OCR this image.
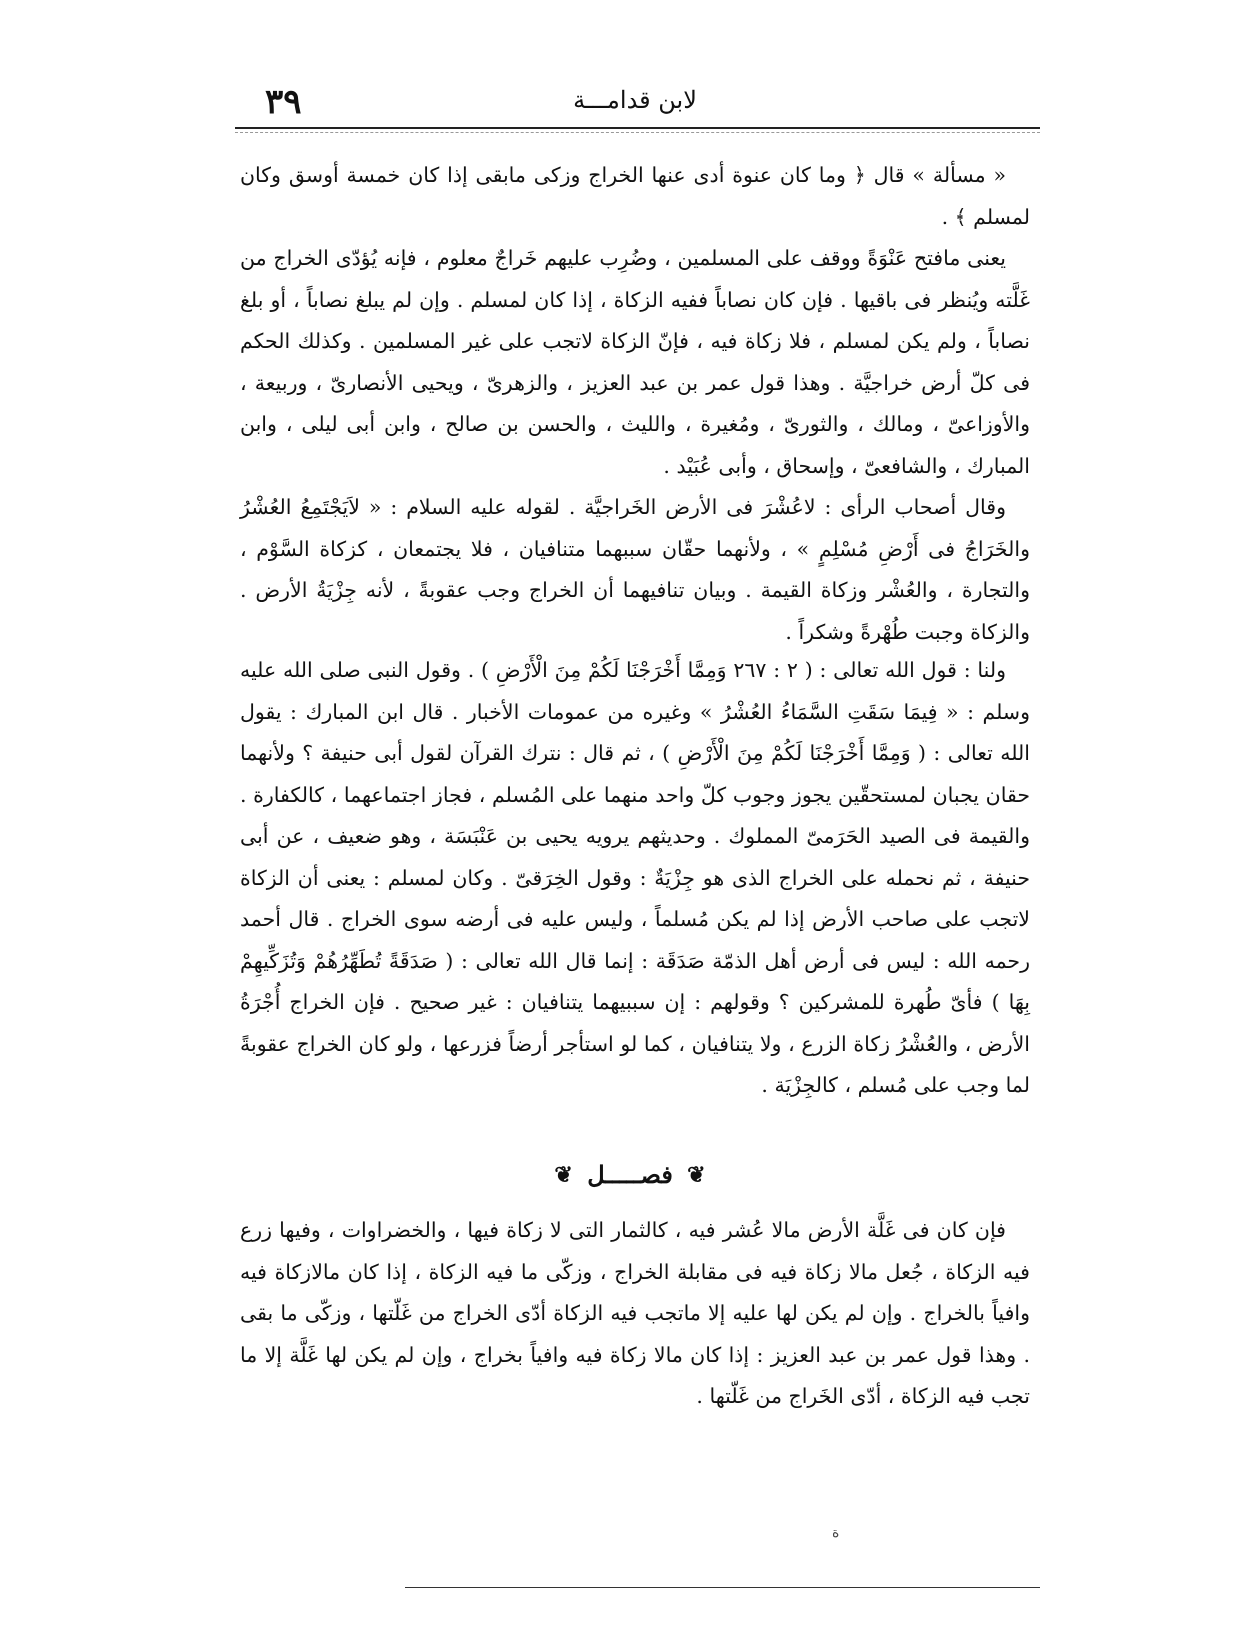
٣٩	لابن قدامـــة

« مسألة » قال ﴿ وما كان عنوة أدى عنها الخراج وزكى مابقى إذا كان خمسة أوسق وكان لمسلم ﴾ .

يعنى مافتح عَنْوَةً ووقف على المسلمين ، وضُرِب عليهم خَراجٌ معلوم ، فإنه يُؤدّى الخراج من غَلَّته ويُنظر فى باقيها . فإن كان نصاباً ففيه الزكاة ، إذا كان لمسلم . وإن لم يبلغ نصاباً ، أو بلغ نصاباً ، ولم يكن لمسلم ، فلا زكاة فيه ، فإنّ الزكاة لاتجب على غير المسلمين . وكذلك الحكم فى كلّ أرض خراجيَّة . وهذا قول عمر بن عبد العزيز ، والزهرىّ ، ويحيى الأنصارىّ ، وربيعة ، والأوزاعىّ ، ومالك ، والثورىّ ، ومُغيرة ، والليث ، والحسن بن صالح ، وابن أبى ليلى ، وابن المبارك ، والشافعىّ ، وإسحاق ، وأبى عُبَيْد .

وقال أصحاب الرأى : لاعُشْرَ فى الأرض الخَراجيَّة . لقوله عليه السلام : « لاَيَجْتَمِعُ العُشْرُ والخَرَاجُ فى أَرْضِ مُسْلِمٍ » ، ولأنهما حقّان سببهما متنافيان ، فلا يجتمعان ، كزكاة السَّوْم ، والتجارة ، والعُشْر وزكاة القيمة . وبيان تنافيهما أن الخراج وجب عقوبةً ، لأنه جِزْيَةُ الأرض . والزكاة وجبت طُهْرةً وشكراً .

ولنا : قول الله تعالى : ( ٢ : ٢٦٧ وَمِمَّا أَخْرَجْنَا لَكُمْ مِنَ الْأَرْضِ ) . وقول النبى صلى الله عليه وسلم : « فِيمَا سَقَتِ السَّمَاءُ العُشْرُ » وغيره من عمومات الأخبار . قال ابن المبارك : يقول الله تعالى : ( وَمِمَّا أَخْرَجْنَا لَكُمْ مِنَ الْأَرْضِ ) ، ثم قال : نترك القرآن لقول أبى حنيفة ؟ ولأنهما حقان يجبان لمستحقّين يجوز وجوب كلّ واحد منهما على المُسلم ، فجاز اجتماعهما ، كالكفارة . والقيمة فى الصيد الحَرَمىّ المملوك . وحديثهم يرويه يحيى بن عَنْبَسَة ، وهو ضعيف ، عن أبى حنيفة ، ثم نحمله على الخراج الذى هو جِزْيَةٌ : وقول الخِرَقىّ . وكان لمسلم : يعنى أن الزكاة لاتجب على صاحب الأرض إذا لم يكن مُسلماً ، وليس عليه فى أرضه سوى الخراج . قال أحمد رحمه الله : ليس فى أرض أهل الذمّة صَدَقَة : إنما قال الله تعالى : ( صَدَقَةً تُطَهِّرُهُمْ وَتُزَكِّيهِمْ بِهَا ) فأىّ طُهرة للمشركين ؟ وقولهم : إن سببيهما يتنافيان : غير صحيح . فإن الخراج أُجْرَةُ الأرض ، والعُشْرُ زكاة الزرع ، ولا يتنافيان ، كما لو استأجر أرضاً فزرعها ، ولو كان الخراج عقوبةً لما وجب على مُسلم ، كالجِزْيَة .

❦ فصـــــل ❦

فإن كان فى غَلَّة الأرض مالا عُشر فيه ، كالثمار التى لا زكاة فيها ، والخضراوات ، وفيها زرع فيه الزكاة ، جُعل مالا زكاة فيه فى مقابلة الخراج ، وزكّى ما فيه الزكاة ، إذا كان مالازكاة فيه وافياً بالخراج . وإن لم يكن لها عليه إلا ماتجب فيه الزكاة أدّى الخراج من غَلّتها ، وزكّى ما بقى . وهذا قول عمر بن عبد العزيز : إذا كان مالا زكاة فيه وافياً بخراج ، وإن لم يكن لها غَلَّة إلا ما تجب فيه الزكاة ، أدّى الخَراج من غَلّتها .

ﺓ
